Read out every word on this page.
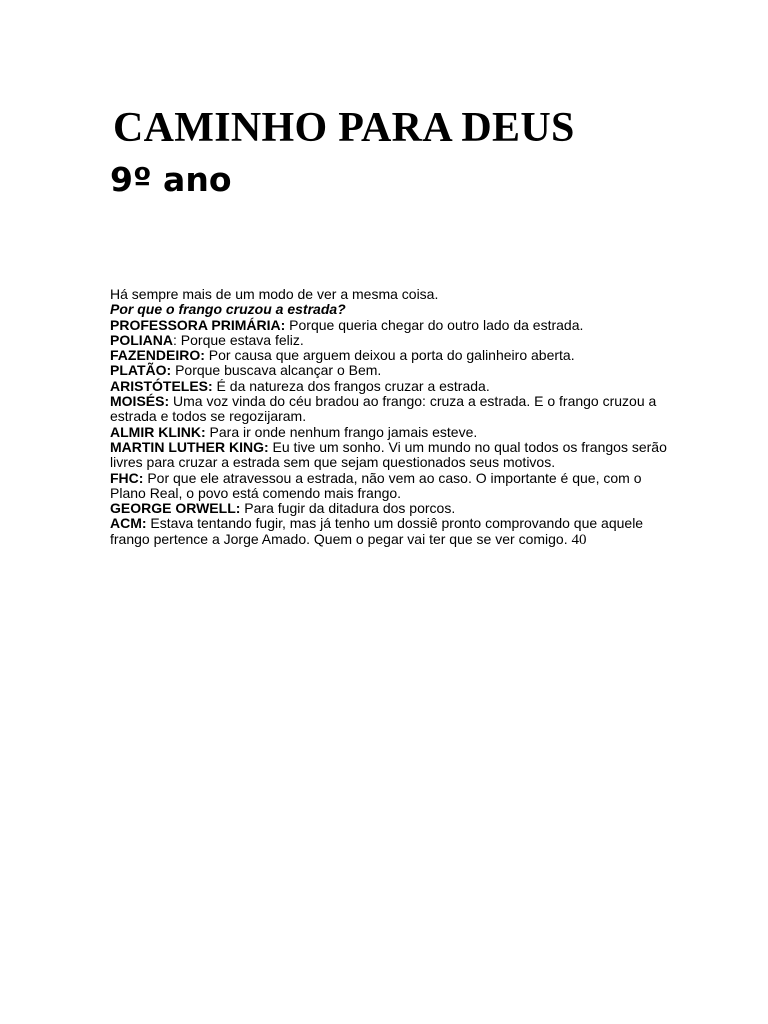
CAMINHO PARA DEUS
9º ano

Há sempre mais de um modo de ver a mesma coisa.

Por que o frango cruzou a estrada?

PROFESSORA PRIMÁRIA: Porque queria chegar do outro lado da estrada.

POLIANA: Porque estava feliz.

FAZENDEIRO: Por causa que arguem deixou a porta do galinheiro aberta.

PLATÃO: Porque buscava alcançar o Bem.

ARISTÓTELES: É da natureza dos frangos cruzar a estrada.

MOISÉS: Uma voz vinda do céu bradou ao frango: cruza a estrada. E o frango cruzou a estrada e todos se regozijaram.

ALMIR KLINK: Para ir onde nenhum frango jamais esteve.

MARTIN LUTHER KING: Eu tive um sonho. Vi um mundo no qual todos os frangos serão livres para cruzar a estrada sem que sejam questionados seus motivos.

FHC: Por que ele atravessou a estrada, não vem ao caso. O importante é que, com o Plano Real, o povo está comendo mais frango.

GEORGE ORWELL: Para fugir da ditadura dos porcos.

ACM: Estava tentando fugir, mas já tenho um dossiê pronto comprovando que aquele frango pertence a Jorge Amado. Quem o pegar vai ter que se ver comigo. 40
